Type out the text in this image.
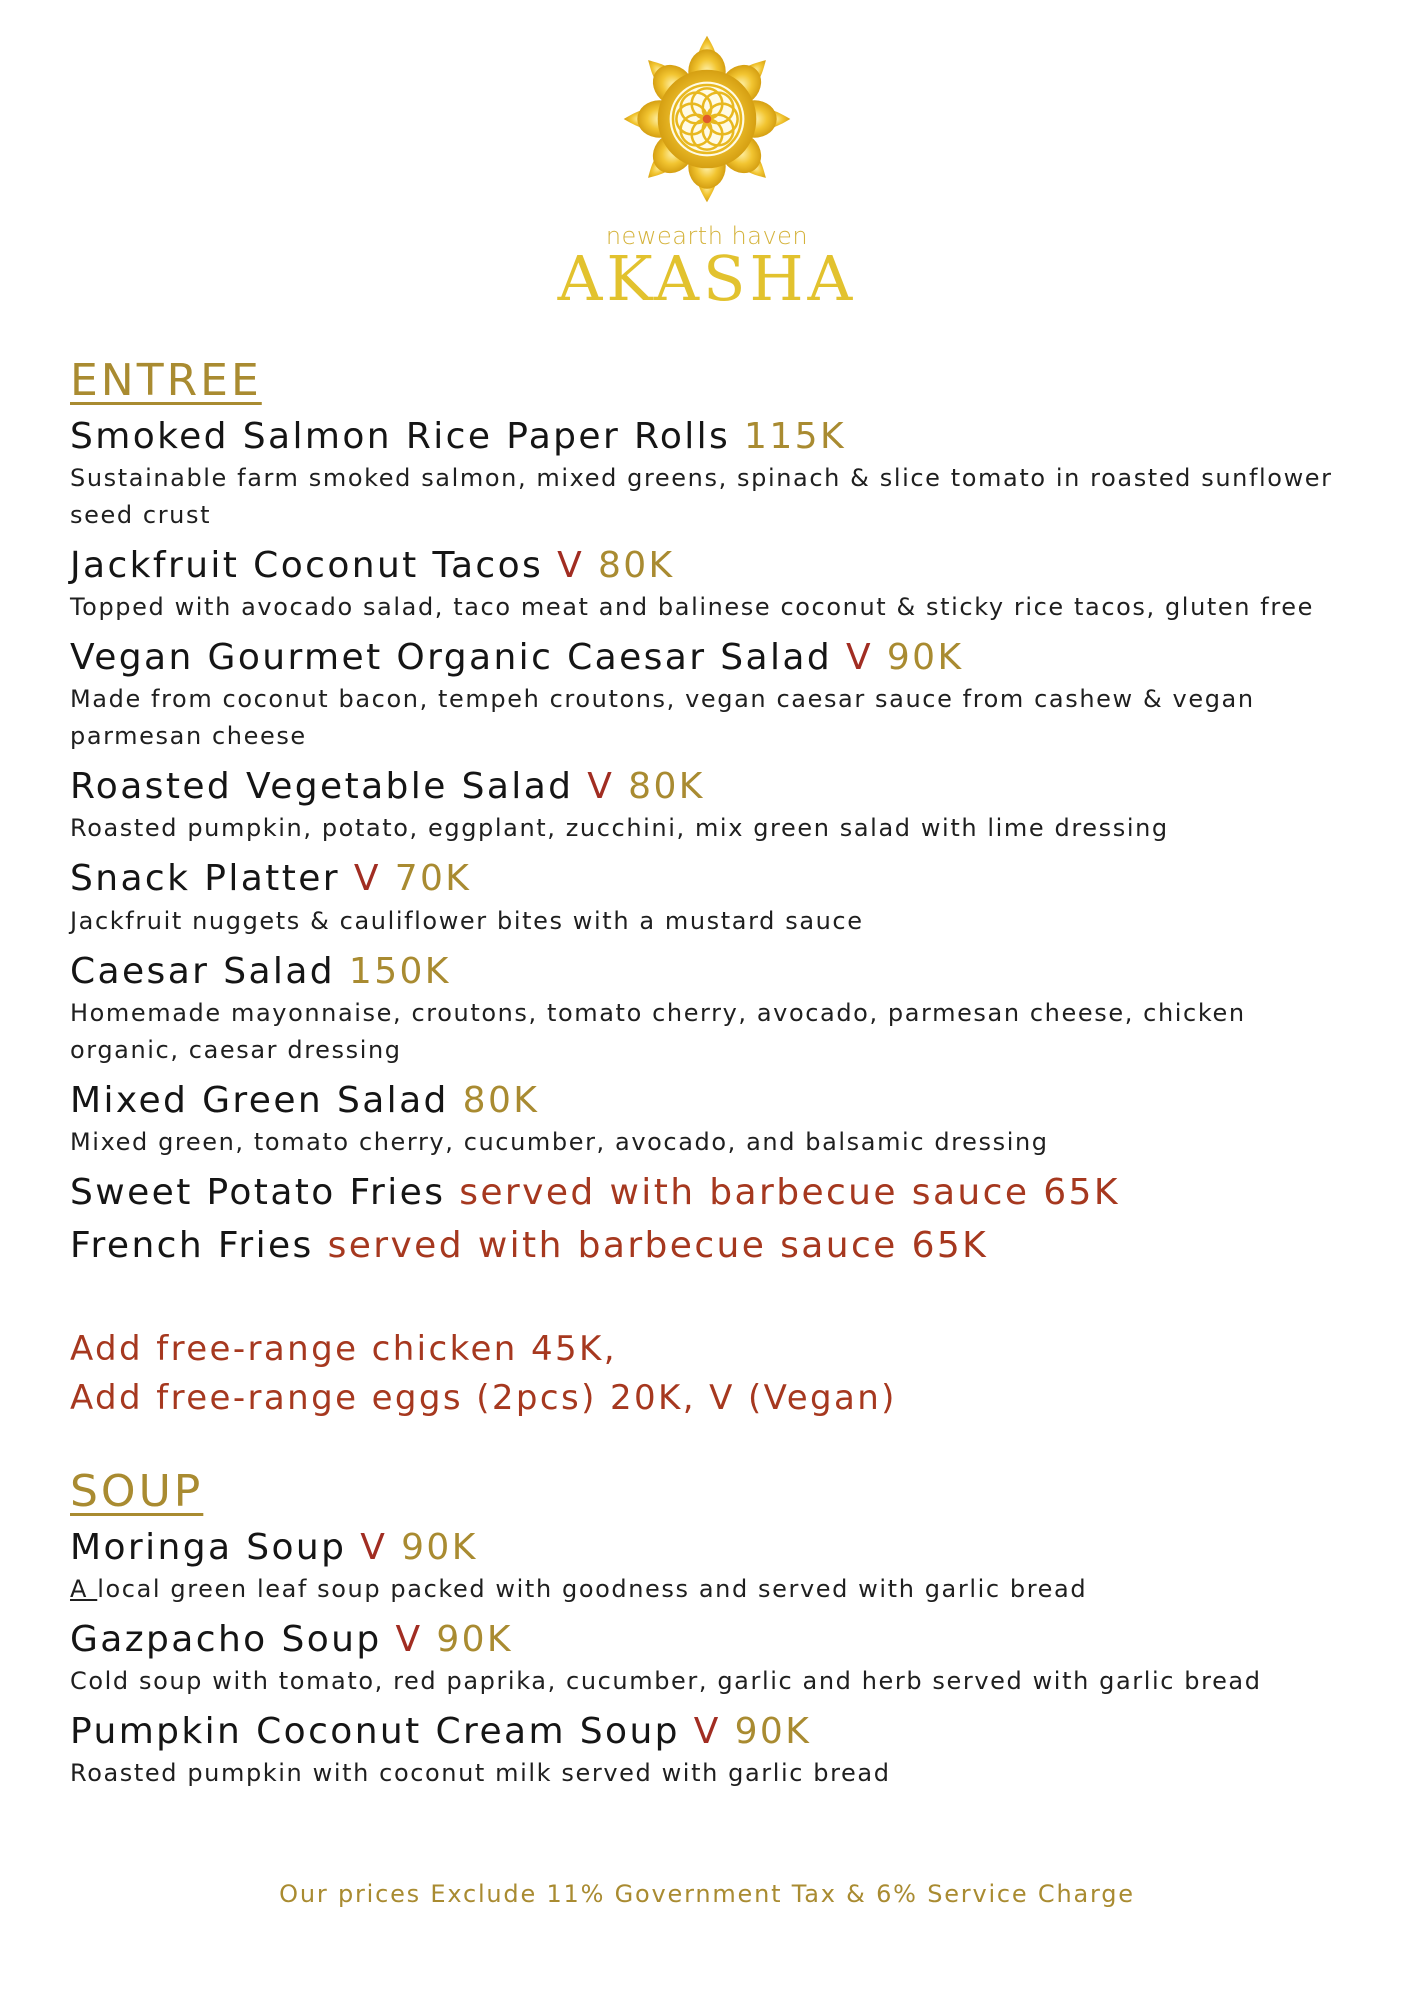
newearth haven
AKASHA
ENTREE
Smoked Salmon Rice Paper Rolls 115K
Sustainable farm smoked salmon, mixed greens, spinach & slice tomato in roasted sunflower seed crust
Jackfruit Coconut Tacos V 80K
Topped with avocado salad, taco meat and balinese coconut & sticky rice tacos, gluten free
Vegan Gourmet Organic Caesar Salad V 90K
Made from coconut bacon, tempeh croutons, vegan caesar sauce from cashew & vegan parmesan cheese
Roasted Vegetable Salad V 80K
Roasted pumpkin, potato, eggplant, zucchini, mix green salad with lime dressing
Snack Platter V 70K
Jackfruit nuggets & cauliflower bites with a mustard sauce
Caesar Salad 150K
Homemade mayonnaise, croutons, tomato cherry, avocado, parmesan cheese, chicken organic, caesar dressing
Mixed Green Salad 80K
Mixed green, tomato cherry, cucumber, avocado, and balsamic dressing
Sweet Potato Fries served with barbecue sauce 65K
French Fries served with barbecue sauce 65K
Add free-range chicken 45K,
Add free-range eggs (2pcs) 20K, V (Vegan)
SOUP
Moringa Soup V 90K
A local green leaf soup packed with goodness and served with garlic bread
Gazpacho Soup V 90K
Cold soup with tomato, red paprika, cucumber, garlic and herb served with garlic bread
Pumpkin Coconut Cream Soup V 90K
Roasted pumpkin with coconut milk served with garlic bread
Our prices Exclude 11% Government Tax & 6% Service Charge
